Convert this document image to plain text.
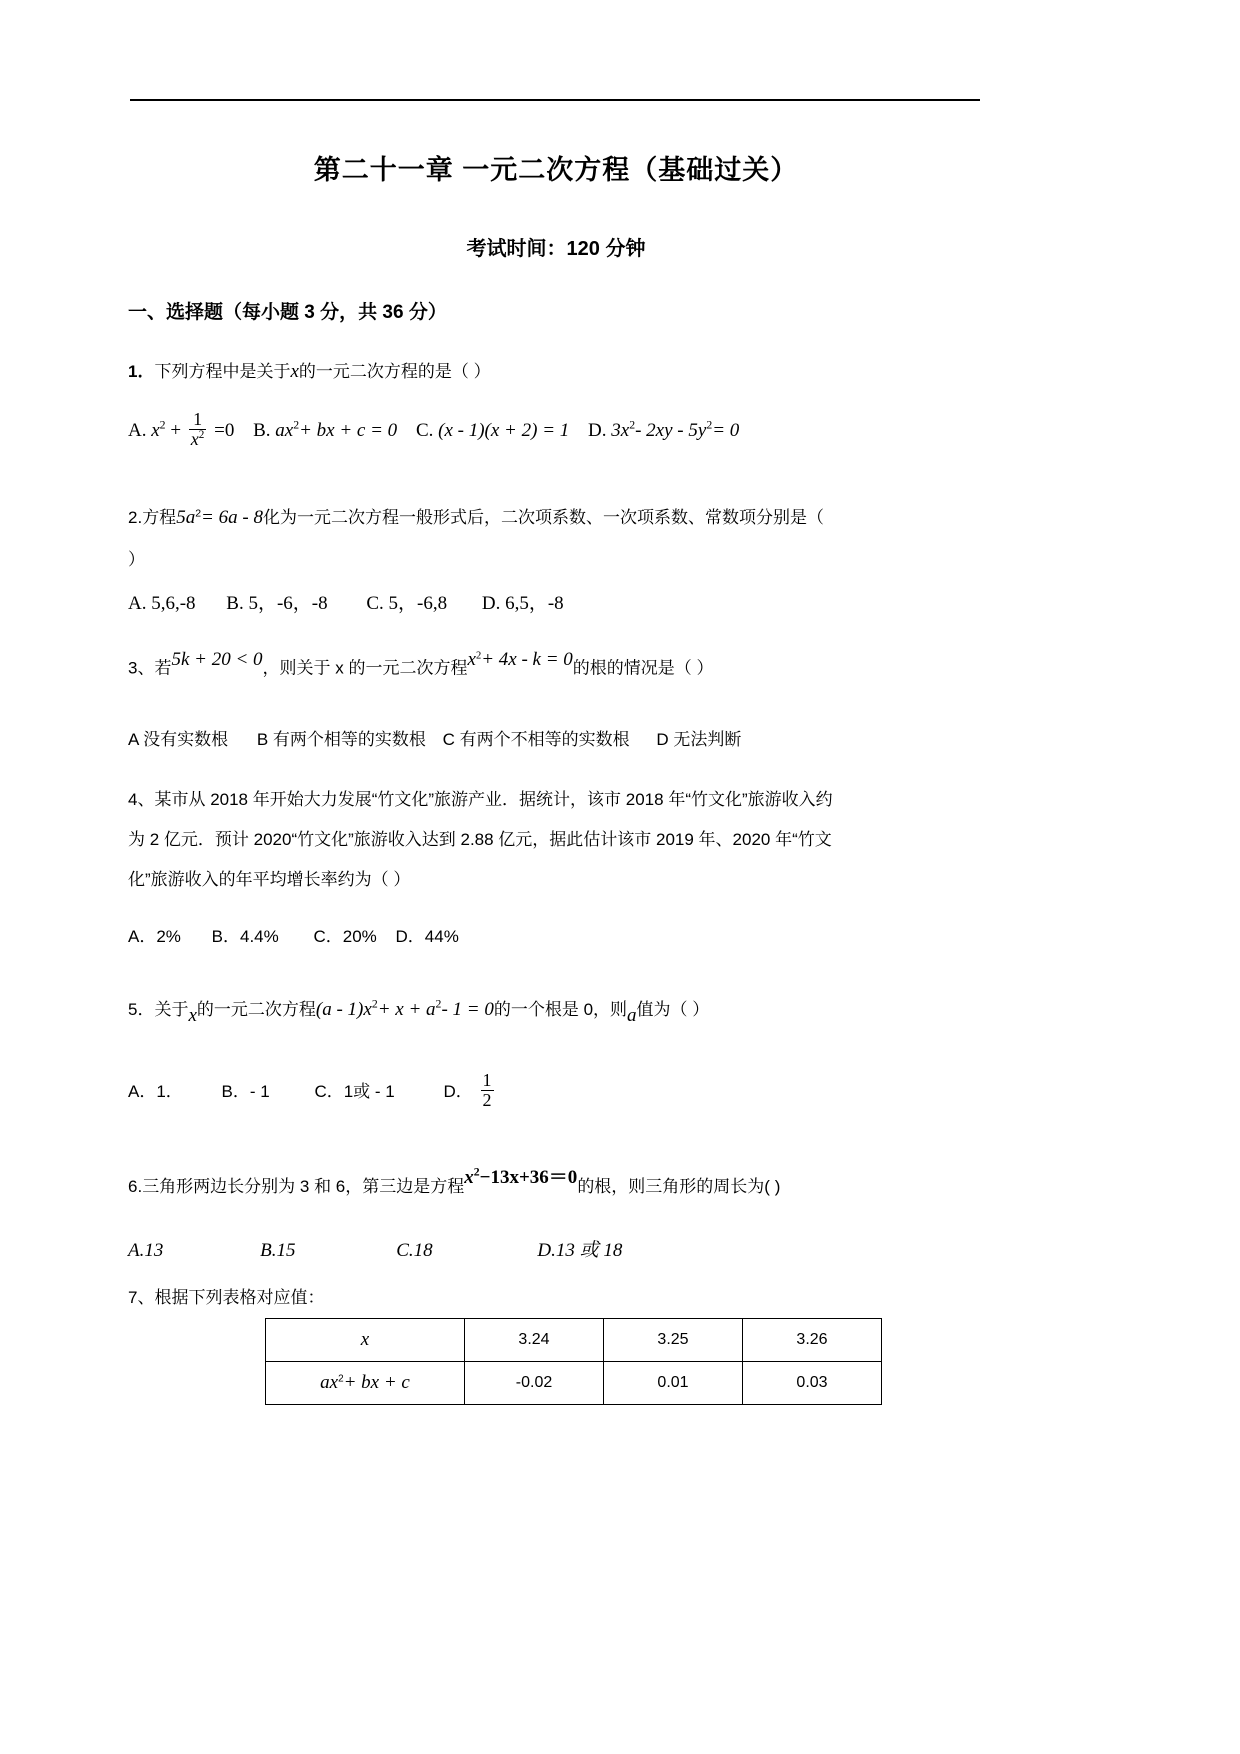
第二十一章 一元二次方程（基础过关）
考试时间：120 分钟
一、选择题（每小题 3 分，共 36 分）
1．下列方程中是关于x的一元二次方程的是（ ）
A. $x^2 + \frac{1}{x^2} =0$ B. $ax^2+$ bx + c = 0 C. (x - 1)(x + 2) = 1 D. $3x^2-$ $2xy - 5y^2= 0$
2.方程$5a^2= 6a - 8$化为一元二次方程一般形式后，二次项系数、一次项系数、常数项分别是（
）
A. 5,6,-8 B. 5，-6，-8 C. 5，-6,8 D. 6,5，-8
3、若5k + 20 < 0，则关于 x 的一元二次方程$x^2+ 4x - k = 0$的根的情况是（ ）
A 没有实数根 B 有两个相等的实数根 C 有两个不相等的实数根 D 无法判断
4、某市从 2018 年开始大力发展“竹文化”旅游产业．据统计，该市 2018 年“竹文化”旅游收入约
为 2 亿元．预计 2020“竹文化”旅游收入达到 2.88 亿元，据此估计该市 2019 年、2020 年“竹文
化”旅游收入的年平均增长率约为（ ）
A．2% B．4.4% C．20% D．44%
5．关于x的一元二次方程$(a - 1)x^2+ x + a^2-$ 1 = 0的一个根是 0，则a值为（ ）
A．1． B．- 1	C．1或 - 1	D． $\frac{1}{2}$
6.三角形两边长分别为 3 和 6，第三边是方程$x^2-13x+36=0$的根，则三角形的周长为( )
A.13	B.15	C.18	D.13 或 18
7、根据下列表格对应值：
x	3.24	3.25	3.26
$ax^2+$ bx + c	-0.02	0.01	0.03
